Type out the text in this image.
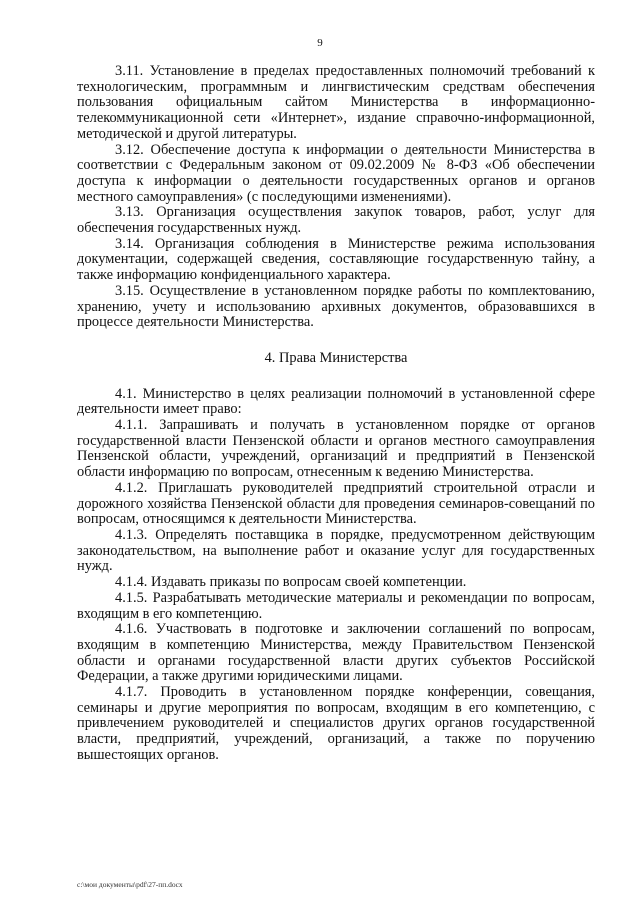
9

3.11. Установление в пределах предоставленных полномочий требований к технологическим, программным и лингвистическим средствам обеспечения пользования официальным сайтом Министерства в информационно-телекоммуникационной сети «Интернет», издание справочно-информационной, методической и другой литературы.

3.12. Обеспечение доступа к информации о деятельности Министерства в соответствии с Федеральным законом от 09.02.2009 № 8-ФЗ «Об обеспечении доступа к информации о деятельности государственных органов и органов местного самоуправления» (с последующими изменениями).

3.13. Организация осуществления закупок товаров, работ, услуг для обеспечения государственных нужд.

3.14. Организация соблюдения в Министерстве режима использования документации, содержащей сведения, составляющие государственную тайну, а также информацию конфиденциального характера.

3.15. Осуществление в установленном порядке работы по комплектованию, хранению, учету и использованию архивных документов, образовавшихся в процессе деятельности Министерства.

4. Права Министерства

4.1. Министерство в целях реализации полномочий в установленной сфере деятельности имеет право:

4.1.1. Запрашивать и получать в установленном порядке от органов государственной власти Пензенской области и органов местного самоуправления Пензенской области, учреждений, организаций и предприятий в Пензенской области информацию по вопросам, отнесенным к ведению Министерства.

4.1.2. Приглашать руководителей предприятий строительной отрасли и дорожного хозяйства Пензенской области для проведения семинаров-совещаний по вопросам, относящимся к деятельности Министерства.

4.1.3. Определять поставщика в порядке, предусмотренном действующим законодательством, на выполнение работ и оказание услуг для государственных нужд.

4.1.4. Издавать приказы по вопросам своей компетенции.

4.1.5. Разрабатывать методические материалы и рекомендации по вопросам, входящим в его компетенцию.

4.1.6. Участвовать в подготовке и заключении соглашений по вопросам, входящим в компетенцию Министерства, между Правительством Пензенской области и органами государственной власти других субъектов Российской Федерации, а также другими юридическими лицами.

4.1.7. Проводить в установленном порядке конференции, совещания, семинары и другие мероприятия по вопросам, входящим в его компетенцию, с привлечением руководителей и специалистов других органов государственной власти, предприятий, учреждений, организаций, а также по поручению вышестоящих органов.

c:\мои документы\pdf\27-пп.docx
